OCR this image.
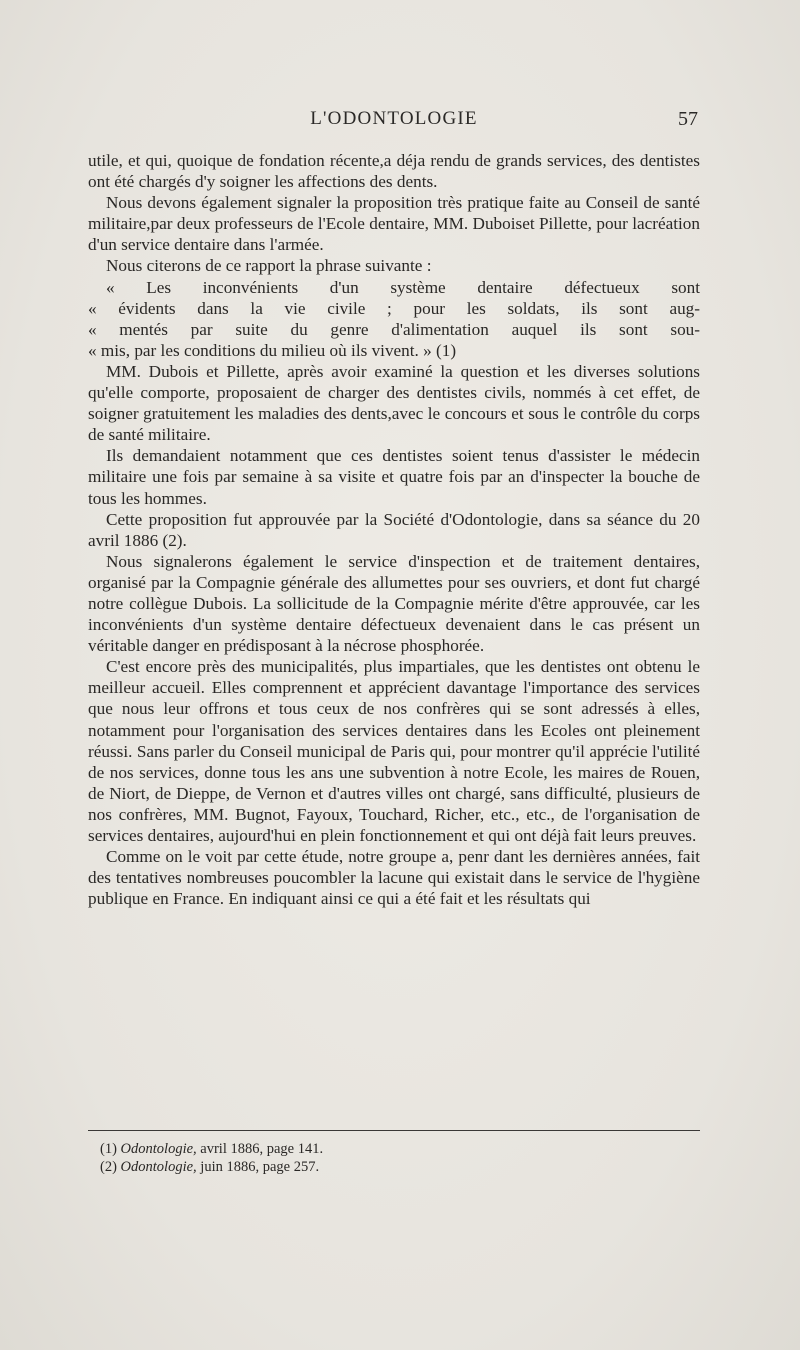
L'ODONTOLOGIE	57

utile, et qui, quoique de fondation récente,a déja rendu de grands services, des dentistes ont été chargés d'y soigner les affections des dents.

Nous devons également signaler la proposition très pratique faite au Conseil de santé militaire,par deux professeurs de l'Ecole dentaire, MM. Duboiset Pillette, pour lacréation d'un service dentaire dans l'armée.

Nous citerons de ce rapport la phrase suivante :

« Les inconvénients d'un système dentaire défectueux sont

« évidents dans la vie civile ; pour les soldats, ils sont aug-

« mentés par suite du genre d'alimentation auquel ils sont sou-

« mis, par les conditions du milieu où ils vivent. » (1)

MM. Dubois et Pillette, après avoir examiné la question et les diverses solutions qu'elle comporte, proposaient de charger des dentistes civils, nommés à cet effet, de soigner gratuitement les maladies des dents,avec le concours et sous le contrôle du corps de santé militaire.

Ils demandaient notamment que ces dentistes soient tenus d'assister le médecin militaire une fois par semaine à sa visite et quatre fois par an d'inspecter la bouche de tous les hommes.

Cette proposition fut approuvée par la Société d'Odontologie, dans sa séance du 20 avril 1886 (2).

Nous signalerons également le service d'inspection et de traitement dentaires, organisé par la Compagnie générale des allumettes pour ses ouvriers, et dont fut chargé notre collègue Dubois. La sollicitude de la Compagnie mérite d'être approuvée, car les inconvénients d'un système dentaire défectueux devenaient dans le cas présent un véritable danger en prédisposant à la nécrose phosphorée.

C'est encore près des municipalités, plus impartiales, que les dentistes ont obtenu le meilleur accueil. Elles comprennent et apprécient davantage l'importance des services que nous leur offrons et tous ceux de nos confrères qui se sont adressés à elles, notamment pour l'organisation des services dentaires dans les Ecoles ont pleinement réussi. Sans parler du Conseil municipal de Paris qui, pour montrer qu'il apprécie l'utilité de nos services, donne tous les ans une subvention à notre Ecole, les maires de Rouen, de Niort, de Dieppe, de Vernon et d'autres villes ont chargé, sans difficulté, plusieurs de nos confrères, MM. Bugnot, Fayoux, Touchard, Richer, etc., etc., de l'organisation de services dentaires, aujourd'hui en plein fonctionnement et qui ont déjà fait leurs preuves.

Comme on le voit par cette étude, notre groupe a, penr dant les dernières années, fait des tentatives nombreuses poucombler la lacune qui existait dans le service de l'hygiène publique en France. En indiquant ainsi ce qui a été fait et les résultats qui

(1) Odontologie, avril 1886, page 141.

(2) Odontologie, juin 1886, page 257.
